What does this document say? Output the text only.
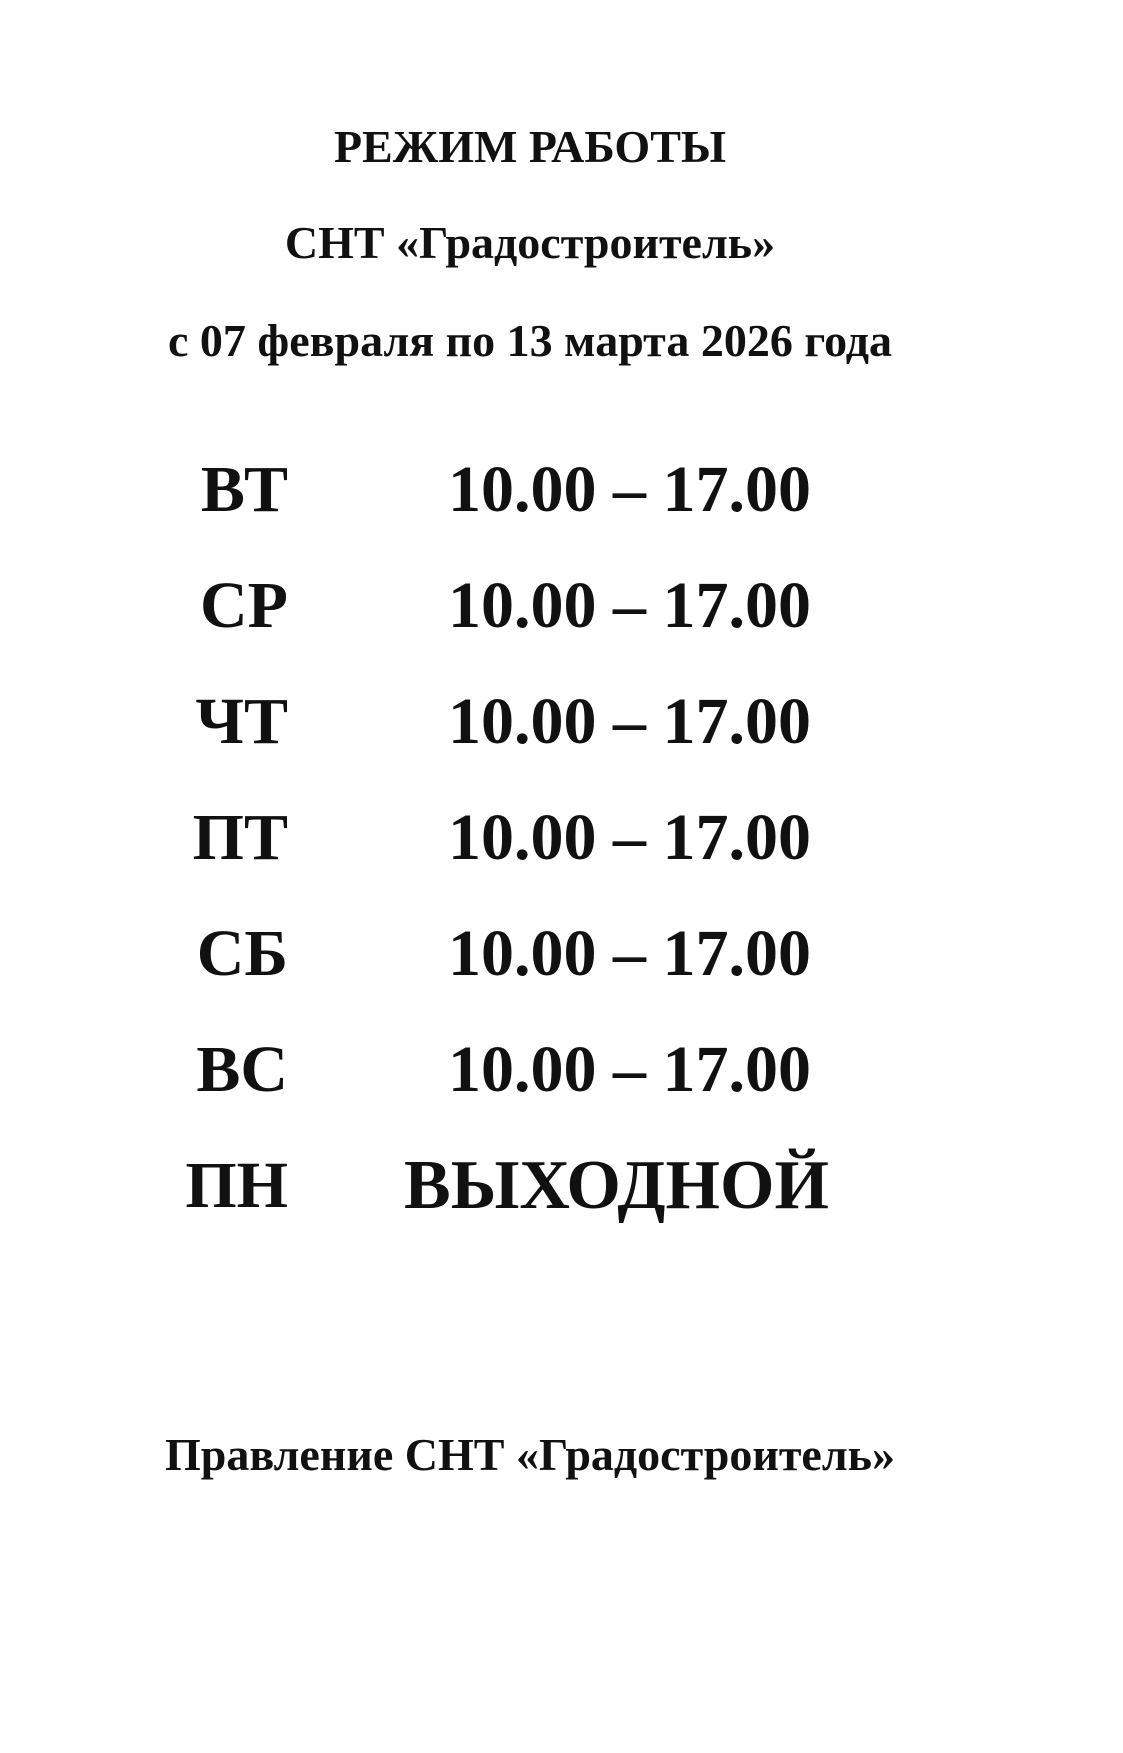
РЕЖИМ РАБОТЫ
СНТ «Градостроитель»
с 07 февраля по 13 марта 2026 года
ВТ 10.00 – 17.00
СР 10.00 – 17.00
ЧТ 10.00 – 17.00
ПТ 10.00 – 17.00
СБ 10.00 – 17.00
ВС 10.00 – 17.00
ПН ВЫХОДНОЙ
Правление СНТ «Градостроитель»
